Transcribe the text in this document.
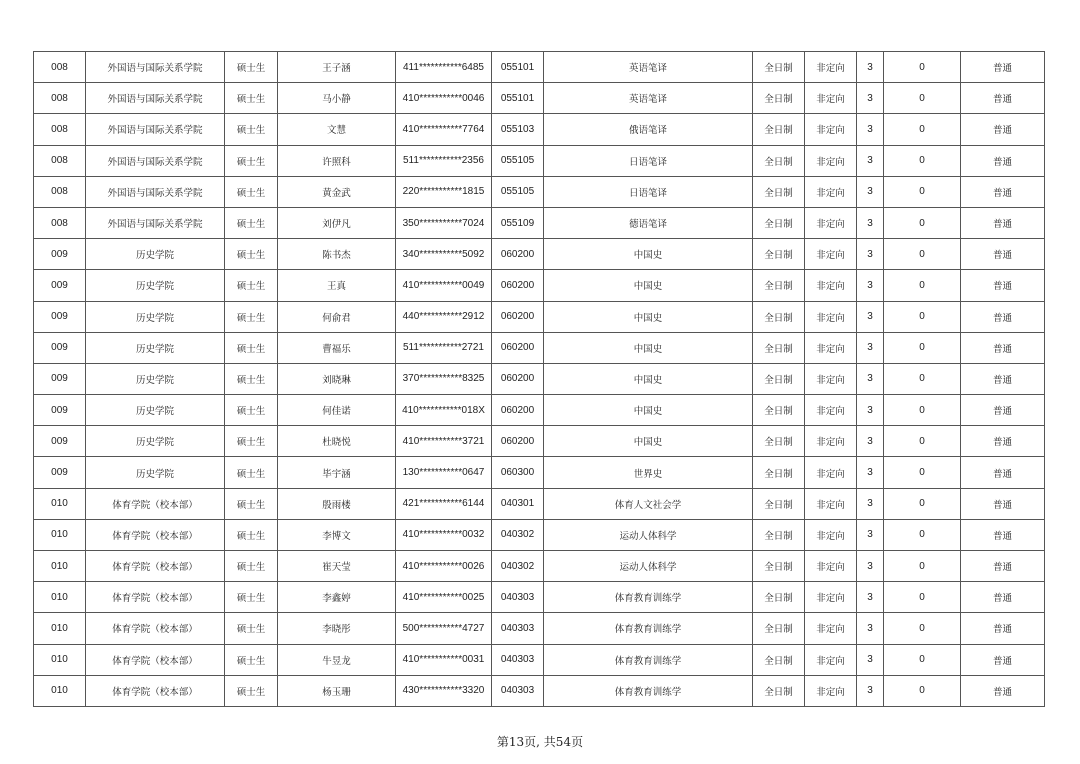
008	外国语与国际关系学院	硕士生	王子涵	411***********6485	055101	英语笔译	全日制	非定向	3	0	普通
008	外国语与国际关系学院	硕士生	马小静	410***********0046	055101	英语笔译	全日制	非定向	3	0	普通
008	外国语与国际关系学院	硕士生	文慧	410***********7764	055103	俄语笔译	全日制	非定向	3	0	普通
008	外国语与国际关系学院	硕士生	许照科	511***********2356	055105	日语笔译	全日制	非定向	3	0	普通
008	外国语与国际关系学院	硕士生	黄金武	220***********1815	055105	日语笔译	全日制	非定向	3	0	普通
008	外国语与国际关系学院	硕士生	刘伊凡	350***********7024	055109	德语笔译	全日制	非定向	3	0	普通
009	历史学院	硕士生	陈书杰	340***********5092	060200	中国史	全日制	非定向	3	0	普通
009	历史学院	硕士生	王真	410***********0049	060200	中国史	全日制	非定向	3	0	普通
009	历史学院	硕士生	何俞君	440***********2912	060200	中国史	全日制	非定向	3	0	普通
009	历史学院	硕士生	曹福乐	511***********2721	060200	中国史	全日制	非定向	3	0	普通
009	历史学院	硕士生	刘晓琳	370***********8325	060200	中国史	全日制	非定向	3	0	普通
009	历史学院	硕士生	何佳诺	410***********018X	060200	中国史	全日制	非定向	3	0	普通
009	历史学院	硕士生	杜晓悦	410***********3721	060200	中国史	全日制	非定向	3	0	普通
009	历史学院	硕士生	毕宇涵	130***********0647	060300	世界史	全日制	非定向	3	0	普通
010	体育学院（校本部）	硕士生	殷雨楼	421***********6144	040301	体育人文社会学	全日制	非定向	3	0	普通
010	体育学院（校本部）	硕士生	李博文	410***********0032	040302	运动人体科学	全日制	非定向	3	0	普通
010	体育学院（校本部）	硕士生	崔天莹	410***********0026	040302	运动人体科学	全日制	非定向	3	0	普通
010	体育学院（校本部）	硕士生	李鑫婷	410***********0025	040303	体育教育训练学	全日制	非定向	3	0	普通
010	体育学院（校本部）	硕士生	李晓彤	500***********4727	040303	体育教育训练学	全日制	非定向	3	0	普通
010	体育学院（校本部）	硕士生	牛昱龙	410***********0031	040303	体育教育训练学	全日制	非定向	3	0	普通
010	体育学院（校本部）	硕士生	杨玉珊	430***********3320	040303	体育教育训练学	全日制	非定向	3	0	普通
第13页, 共54页
